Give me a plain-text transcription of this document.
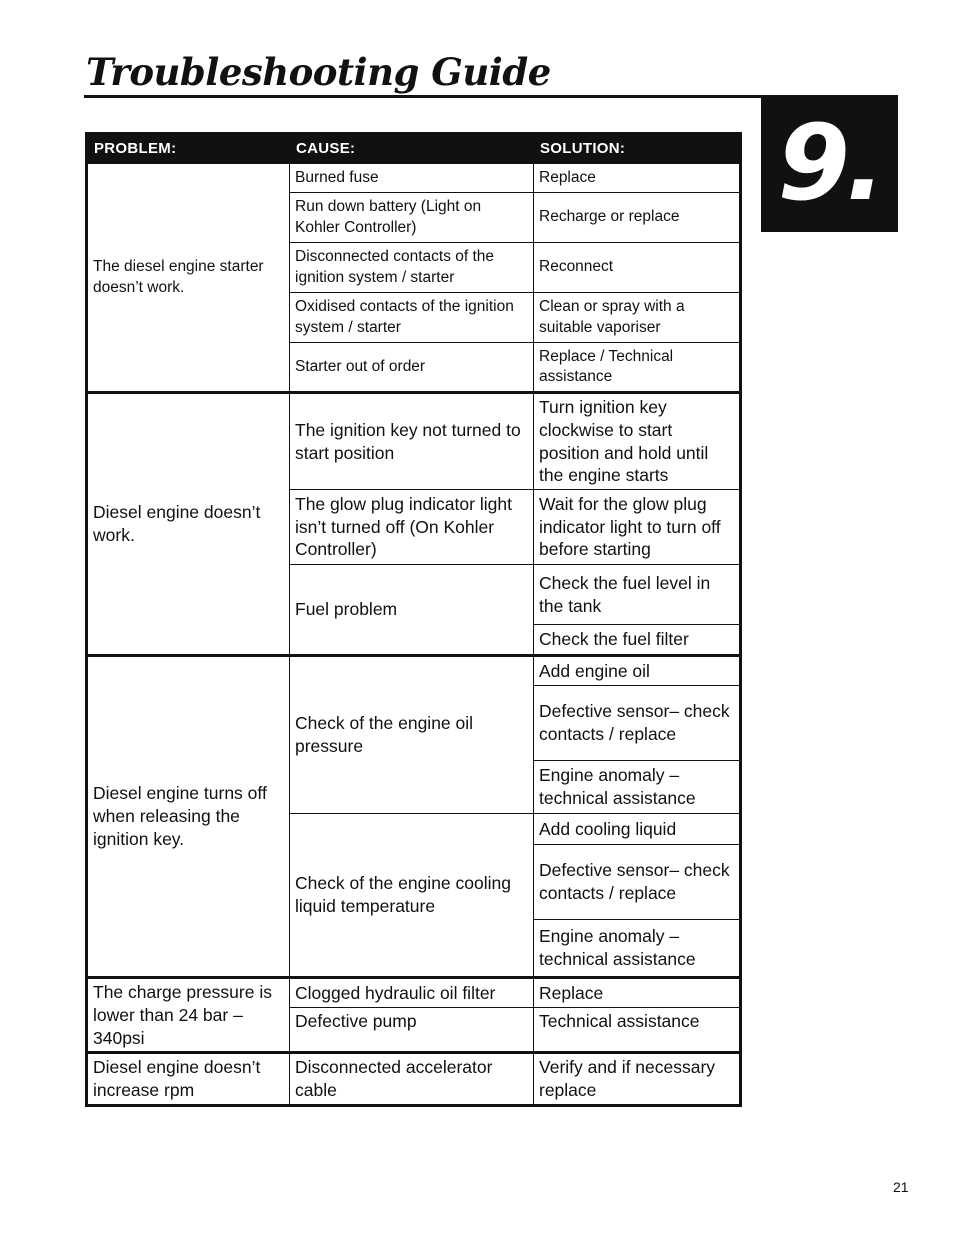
Troubleshooting Guide
9.
PROBLEM:	CAUSE:	SOLUTION:
The diesel engine starter doesn’t work.	Burned fuse	Replace
	Run down battery (Light on Kohler Controller)	Recharge or replace
	Disconnected contacts of the ignition system / starter	Reconnect
	Oxidised contacts of the ignition system / starter	Clean or spray with a suitable vaporiser
	Starter out of order	Replace / Technical assistance
Diesel engine doesn’t work.	The ignition key not turned to start position	Turn ignition key clockwise to start position and hold until the engine starts
	The glow plug indicator light isn’t turned off (On Kohler Controller)	Wait for the glow plug indicator light to turn off before starting
	Fuel problem	Check the fuel level in the tank
		Check the fuel filter
Diesel engine turns off when releasing the ignition key.	Check of the engine oil pressure	Add engine oil
		Defective sensor– check contacts / replace
		Engine anomaly – technical assistance
	Check of the engine cooling liquid temperature	Add cooling liquid
		Defective sensor– check contacts / replace
		Engine anomaly – technical assistance
The charge pressure is lower than 24 bar – 340psi	Clogged hydraulic oil filter	Replace
	Defective pump	Technical assistance
Diesel engine doesn’t increase rpm	Disconnected accelerator cable	Verify and if necessary replace
21
